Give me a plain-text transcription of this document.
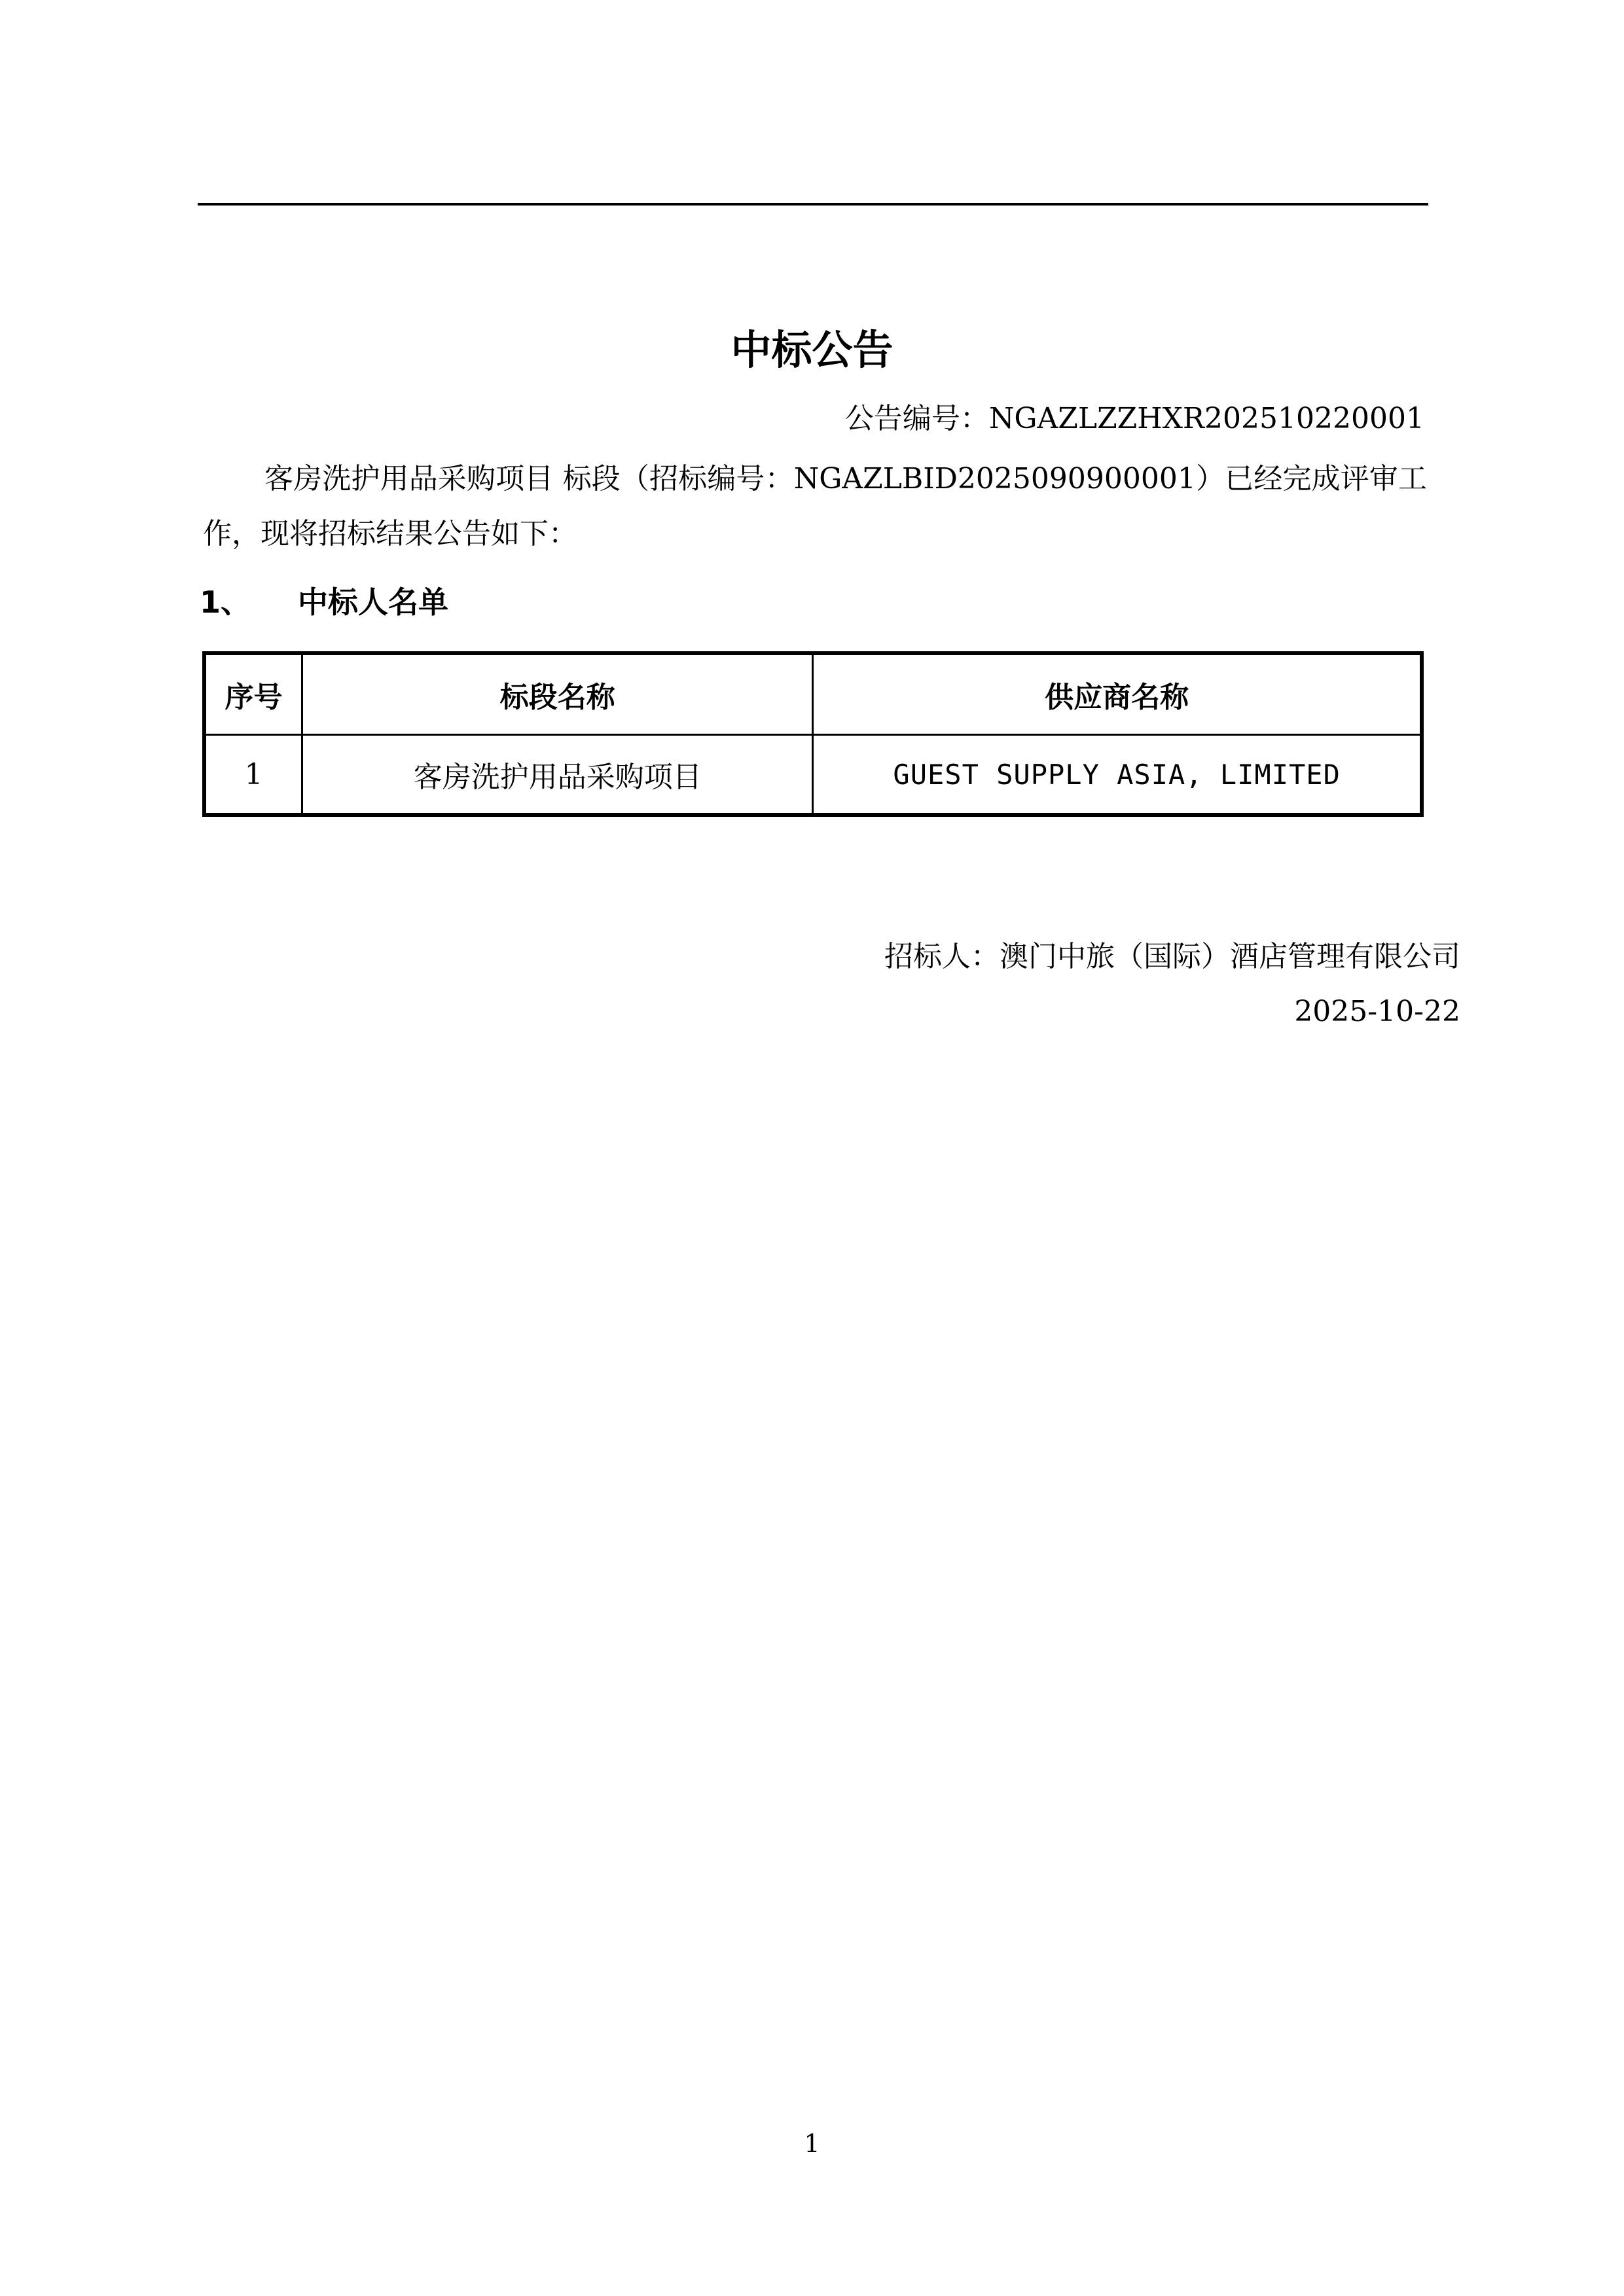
中标公告
公告编号：NGAZLZZHXR202510220001
客房洗护用品采购项目 标段（招标编号：NGAZLBID2025090900001）已经完成评审工作，现将招标结果公告如下：
1、 中标人名单
序号	标段名称	供应商名称
1	客房洗护用品采购项目	GUEST SUPPLY ASIA, LIMITED
招标人：澳门中旅（国际）酒店管理有限公司
2025-10-22
1
